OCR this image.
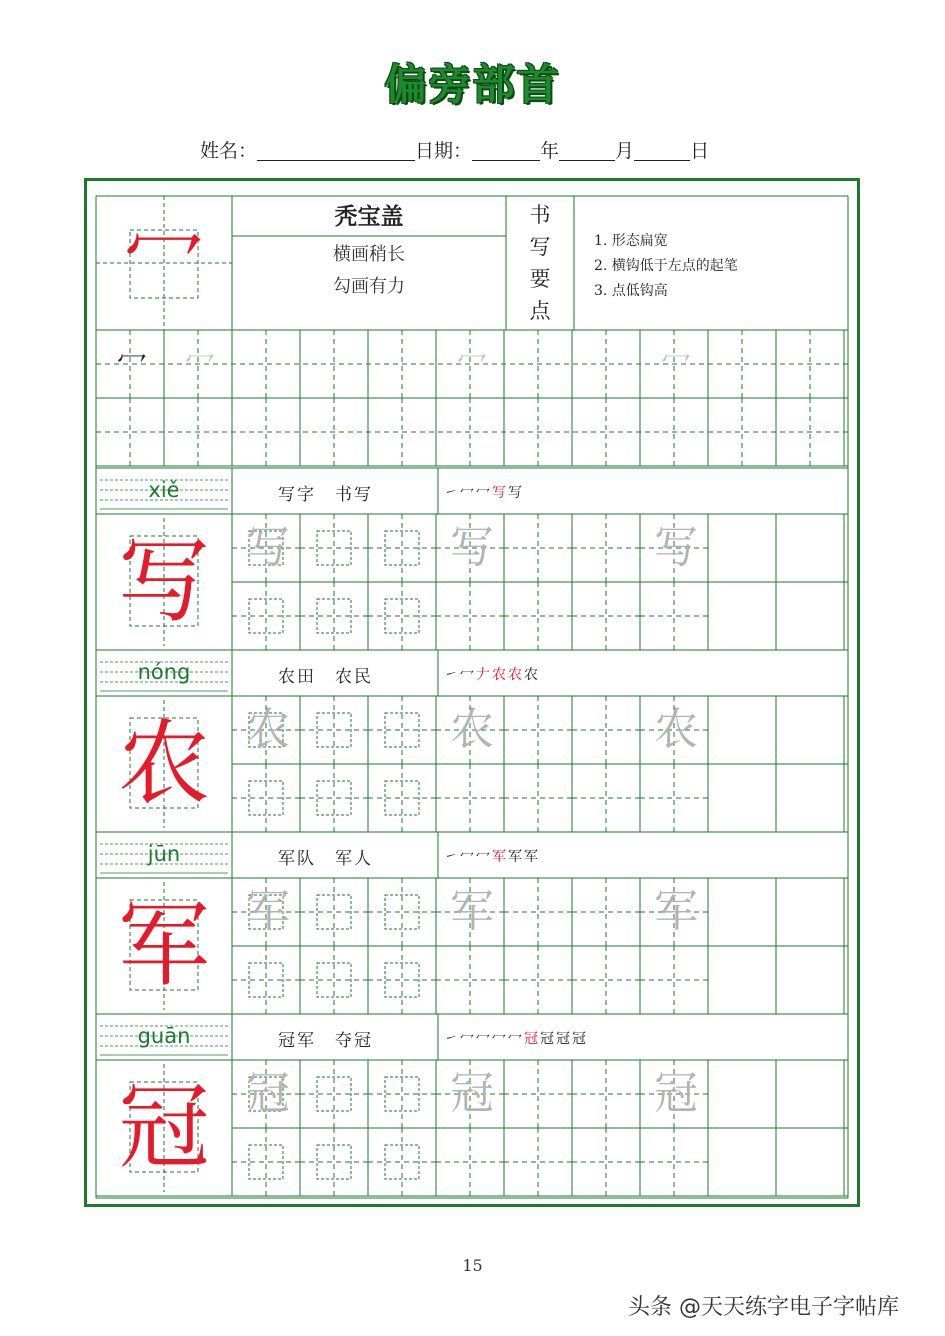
偏旁部首
姓名：	日期：	年	月	日
冖	秃宝盖
横画稍长
勾画有力
书
写
要
点
1. 形态扁宽
2. 横钩低于左点的起笔
3. 点低钩高
冖	冖	冖	冖
xiě	写字　书写	㇀冖冖写写
写 写	写	写
nóng	农田　农民	㇀冖𠂇农农农
农 农	农	农
jūn	军队　军人	㇀冖冖军军军
军 军	军	军
guān	冠军　夺冠	㇀冖冖冖冖冠冠冠冠
冠 冠	冠	冠
15
头条 @天天练字电子字帖库
